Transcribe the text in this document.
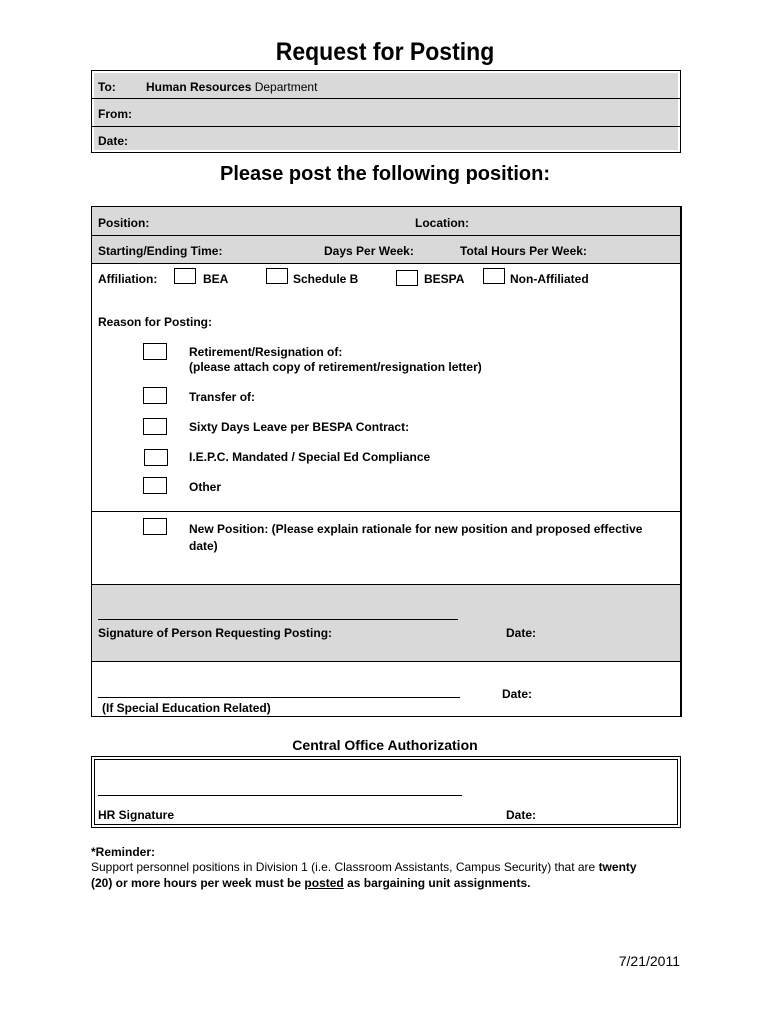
Request for Posting
To:	Human Resources Department
From:
Date:
Please post the following position:
Position:	Location:
Starting/Ending Time:	Days Per Week:	Total Hours Per Week:
Affiliation:	BEA	Schedule B	BESPA	Non-Affiliated
Reason for Posting:
Retirement/Resignation of:
(please attach copy of retirement/resignation letter)
Transfer of:
Sixty Days Leave per BESPA Contract:
I.E.P.C. Mandated / Special Ed Compliance
Other
New Position: (Please explain rationale for new position and proposed effective
date)
Signature of Person Requesting Posting:	Date:
Date:
(If Special Education Related)
Central Office Authorization
HR Signature	Date:
*Reminder:
Support personnel positions in Division 1 (i.e. Classroom Assistants, Campus Security) that are twenty
(20) or more hours per week must be posted as bargaining unit assignments.
7/21/2011
